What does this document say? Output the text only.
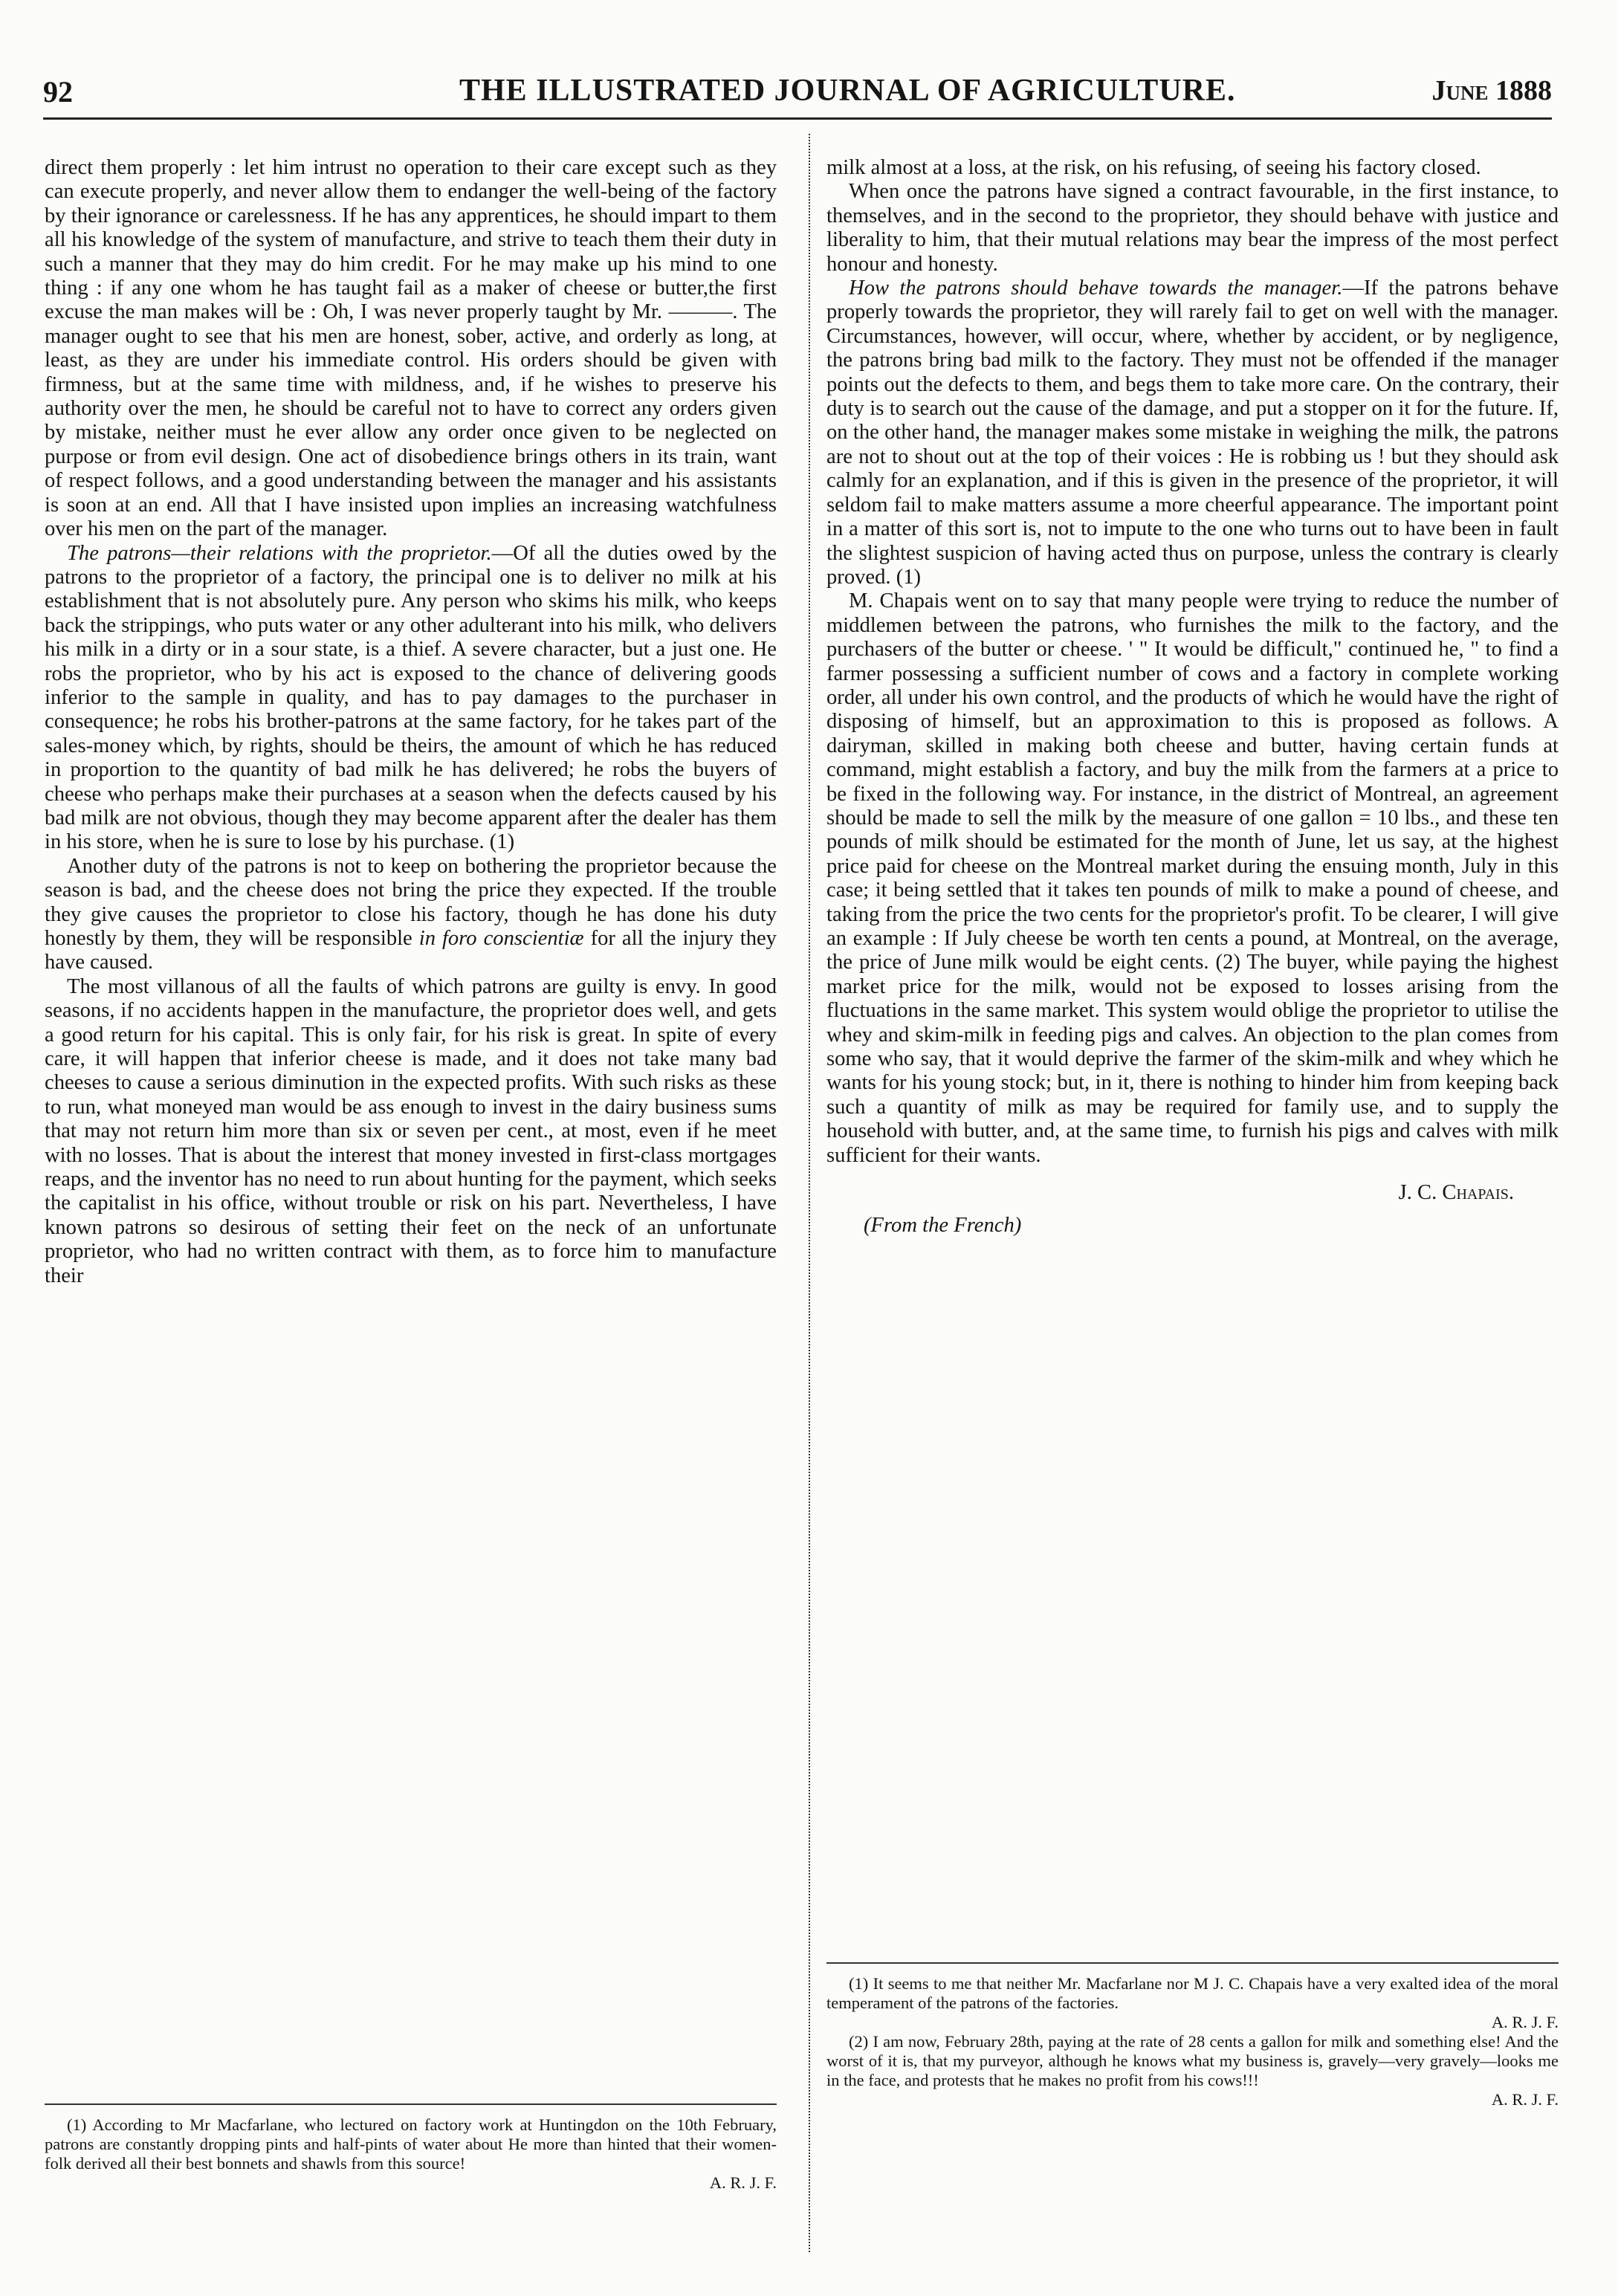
92	THE ILLUSTRATED JOURNAL OF AGRICULTURE.	June 1888

direct them properly : let him intrust no operation to their care except such as they can execute properly, and never allow them to endanger the well-being of the factory by their ignorance or carelessness. If he has any apprentices, he should impart to them all his knowledge of the system of manufacture, and strive to teach them their duty in such a manner that they may do him credit. For he may make up his mind to one thing : if any one whom he has taught fail as a maker of cheese or butter,the first excuse the man makes will be : Oh, I was never properly taught by Mr. ———. The manager ought to see that his men are honest, sober, active, and orderly as long, at least, as they are under his immediate control. His orders should be given with firmness, but at the same time with mildness, and, if he wishes to preserve his authority over the men, he should be careful not to have to correct any orders given by mistake, neither must he ever allow any order once given to be neglected on purpose or from evil design. One act of disobedience brings others in its train, want of respect follows, and a good understanding between the manager and his assistants is soon at an end. All that I have insisted upon implies an increasing watchfulness over his men on the part of the manager.

The patrons—their relations with the proprietor.—Of all the duties owed by the patrons to the proprietor of a factory, the principal one is to deliver no milk at his establishment that is not absolutely pure. Any person who skims his milk, who keeps back the strippings, who puts water or any other adulterant into his milk, who delivers his milk in a dirty or in a sour state, is a thief. A severe character, but a just one. He robs the proprietor, who by his act is exposed to the chance of delivering goods inferior to the sample in quality, and has to pay damages to the purchaser in consequence; he robs his brother-patrons at the same factory, for he takes part of the sales-money which, by rights, should be theirs, the amount of which he has reduced in proportion to the quantity of bad milk he has delivered; he robs the buyers of cheese who perhaps make their purchases at a season when the defects caused by his bad milk are not obvious, though they may become apparent after the dealer has them in his store, when he is sure to lose by his purchase. (1)

Another duty of the patrons is not to keep on bothering the proprietor because the season is bad, and the cheese does not bring the price they expected. If the trouble they give causes the proprietor to close his factory, though he has done his duty honestly by them, they will be responsible in foro conscientiæ for all the injury they have caused.

The most villanous of all the faults of which patrons are guilty is envy. In good seasons, if no accidents happen in the manufacture, the proprietor does well, and gets a good return for his capital. This is only fair, for his risk is great. In spite of every care, it will happen that inferior cheese is made, and it does not take many bad cheeses to cause a serious diminution in the expected profits. With such risks as these to run, what moneyed man would be ass enough to invest in the dairy business sums that may not return him more than six or seven per cent., at most, even if he meet with no losses. That is about the interest that money invested in first-class mortgages reaps, and the inventor has no need to run about hunting for the payment, which seeks the capitalist in his office, without trouble or risk on his part. Nevertheless, I have known patrons so desirous of setting their feet on the neck of an unfortunate proprietor, who had no written contract with them, as to force him to manufacture their

(1) According to Mr Macfarlane, who lectured on factory work at Huntingdon on the 10th February, patrons are constantly dropping pints and half-pints of water about He more than hinted that their women-folk derived all their best bonnets and shawls from this source!

A. R. J. F.

milk almost at a loss, at the risk, on his refusing, of seeing his factory closed.

When once the patrons have signed a contract favourable, in the first instance, to themselves, and in the second to the proprietor, they should behave with justice and liberality to him, that their mutual relations may bear the impress of the most perfect honour and honesty.

How the patrons should behave towards the manager.—If the patrons behave properly towards the proprietor, they will rarely fail to get on well with the manager. Circumstances, however, will occur, where, whether by accident, or by negligence, the patrons bring bad milk to the factory. They must not be offended if the manager points out the defects to them, and begs them to take more care. On the contrary, their duty is to search out the cause of the damage, and put a stopper on it for the future. If, on the other hand, the manager makes some mistake in weighing the milk, the patrons are not to shout out at the top of their voices : He is robbing us ! but they should ask calmly for an explanation, and if this is given in the presence of the proprietor, it will seldom fail to make matters assume a more cheerful appearance. The important point in a matter of this sort is, not to impute to the one who turns out to have been in fault the slightest suspicion of having acted thus on purpose, unless the contrary is clearly proved. (1)

M. Chapais went on to say that many people were trying to reduce the number of middlemen between the patrons, who furnishes the milk to the factory, and the purchasers of the butter or cheese. ' " It would be difficult," continued he, " to find a farmer possessing a sufficient number of cows and a factory in complete working order, all under his own control, and the products of which he would have the right of disposing of himself, but an approximation to this is proposed as follows. A dairyman, skilled in making both cheese and butter, having certain funds at command, might establish a factory, and buy the milk from the farmers at a price to be fixed in the following way. For instance, in the district of Montreal, an agreement should be made to sell the milk by the measure of one gallon = 10 lbs., and these ten pounds of milk should be estimated for the month of June, let us say, at the highest price paid for cheese on the Montreal market during the ensuing month, July in this case; it being settled that it takes ten pounds of milk to make a pound of cheese, and taking from the price the two cents for the proprietor's profit. To be clearer, I will give an example : If July cheese be worth ten cents a pound, at Montreal, on the average, the price of June milk would be eight cents. (2) The buyer, while paying the highest market price for the milk, would not be exposed to losses arising from the fluctuations in the same market. This system would oblige the proprietor to utilise the whey and skim-milk in feeding pigs and calves. An objection to the plan comes from some who say, that it would deprive the farmer of the skim-milk and whey which he wants for his young stock; but, in it, there is nothing to hinder him from keeping back such a quantity of milk as may be required for family use, and to supply the household with butter, and, at the same time, to furnish his pigs and calves with milk sufficient for their wants.

J. C. Chapais.

(From the French)

(1) It seems to me that neither Mr. Macfarlane nor M J. C. Chapais have a very exalted idea of the moral temperament of the patrons of the factories.

A. R. J. F.

(2) I am now, February 28th, paying at the rate of 28 cents a gallon for milk and something else! And the worst of it is, that my purveyor, although he knows what my business is, gravely—very gravely—looks me in the face, and protests that he makes no profit from his cows!!!

A. R. J. F.
